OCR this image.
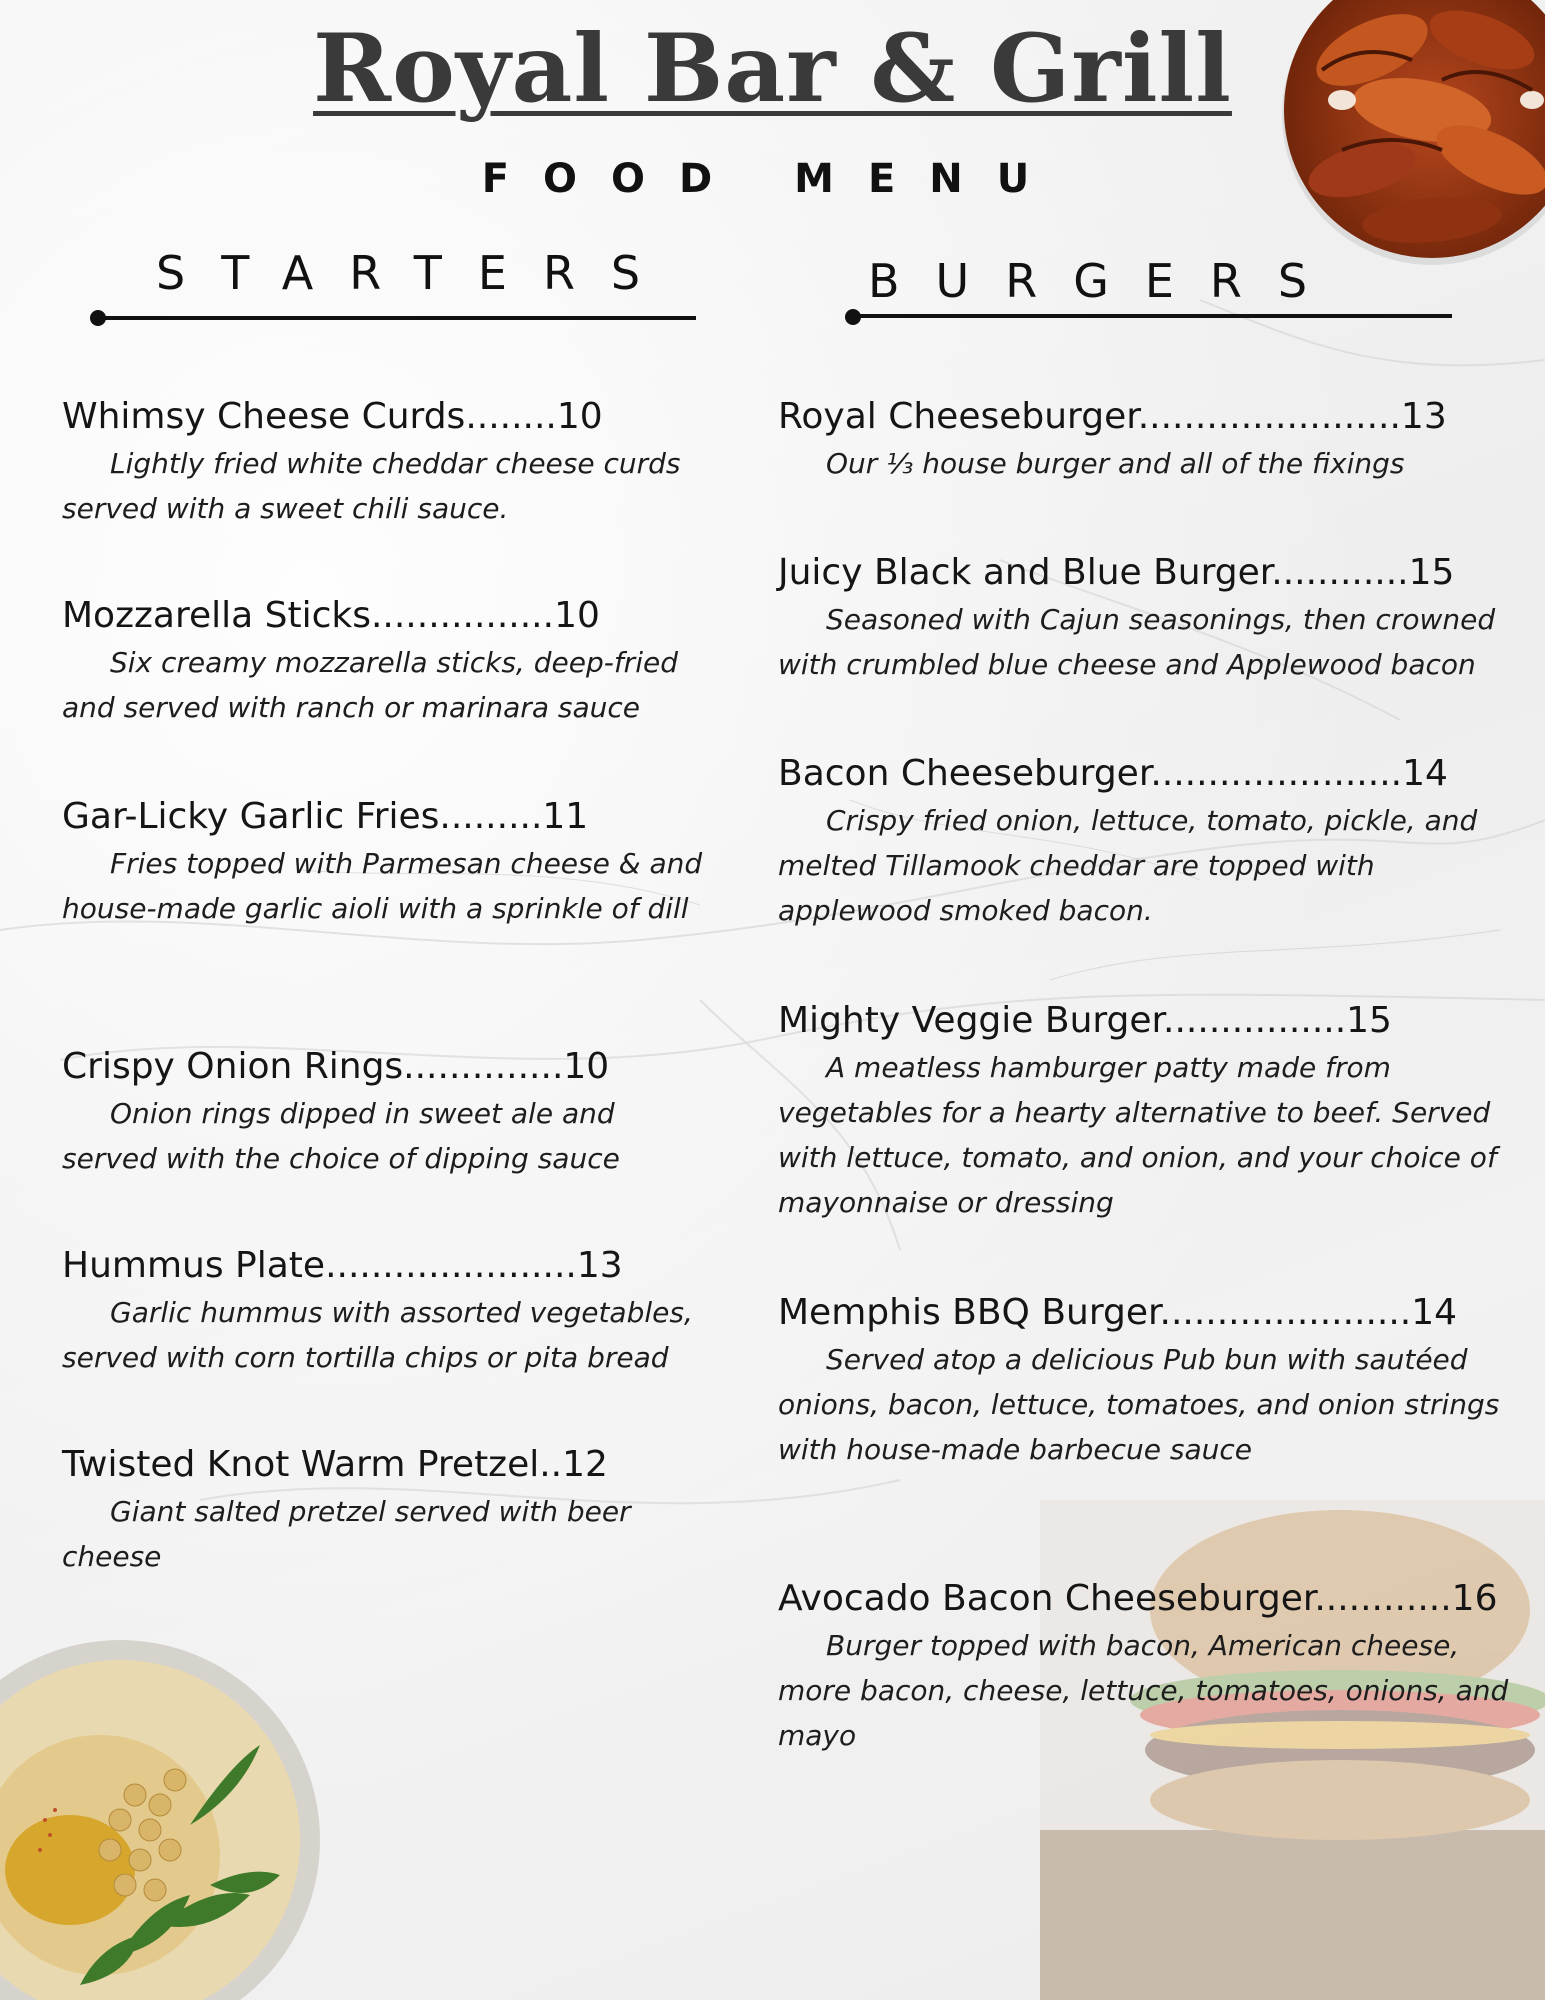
Royal Bar & Grill
FOOD MENU
STARTERS	BURGERS
Whimsy Cheese Curds........10
Lightly fried white cheddar cheese curds served with a sweet chili sauce.
Mozzarella Sticks................10
Six creamy mozzarella sticks, deep-fried and served with ranch or marinara sauce
Gar-Licky Garlic Fries.........11
Fries topped with Parmesan cheese & and house-made garlic aioli with a sprinkle of dill
Crispy Onion Rings..............10
Onion rings dipped in sweet ale and served with the choice of dipping sauce
Hummus Plate......................13
Garlic hummus with assorted vegetables, served with corn tortilla chips or pita bread
Twisted Knot Warm Pretzel..12
Giant salted pretzel served with beer cheese
Royal Cheeseburger.......................13
Our ⅓ house burger and all of the fixings
Juicy Black and Blue Burger............15
Seasoned with Cajun seasonings, then crowned with crumbled blue cheese and Applewood bacon
Bacon Cheeseburger......................14
Crispy fried onion, lettuce, tomato, pickle, and melted Tillamook cheddar are topped with applewood smoked bacon.
Mighty Veggie Burger................15
A meatless hamburger patty made from vegetables for a hearty alternative to beef. Served with lettuce, tomato, and onion, and your choice of mayonnaise or dressing
Memphis BBQ Burger......................14
Served atop a delicious Pub bun with sautéed onions, bacon, lettuce, tomatoes, and onion strings with house-made barbecue sauce
Avocado Bacon Cheeseburger............16
Burger topped with bacon, American cheese, more bacon, cheese, lettuce, tomatoes, onions, and mayo
